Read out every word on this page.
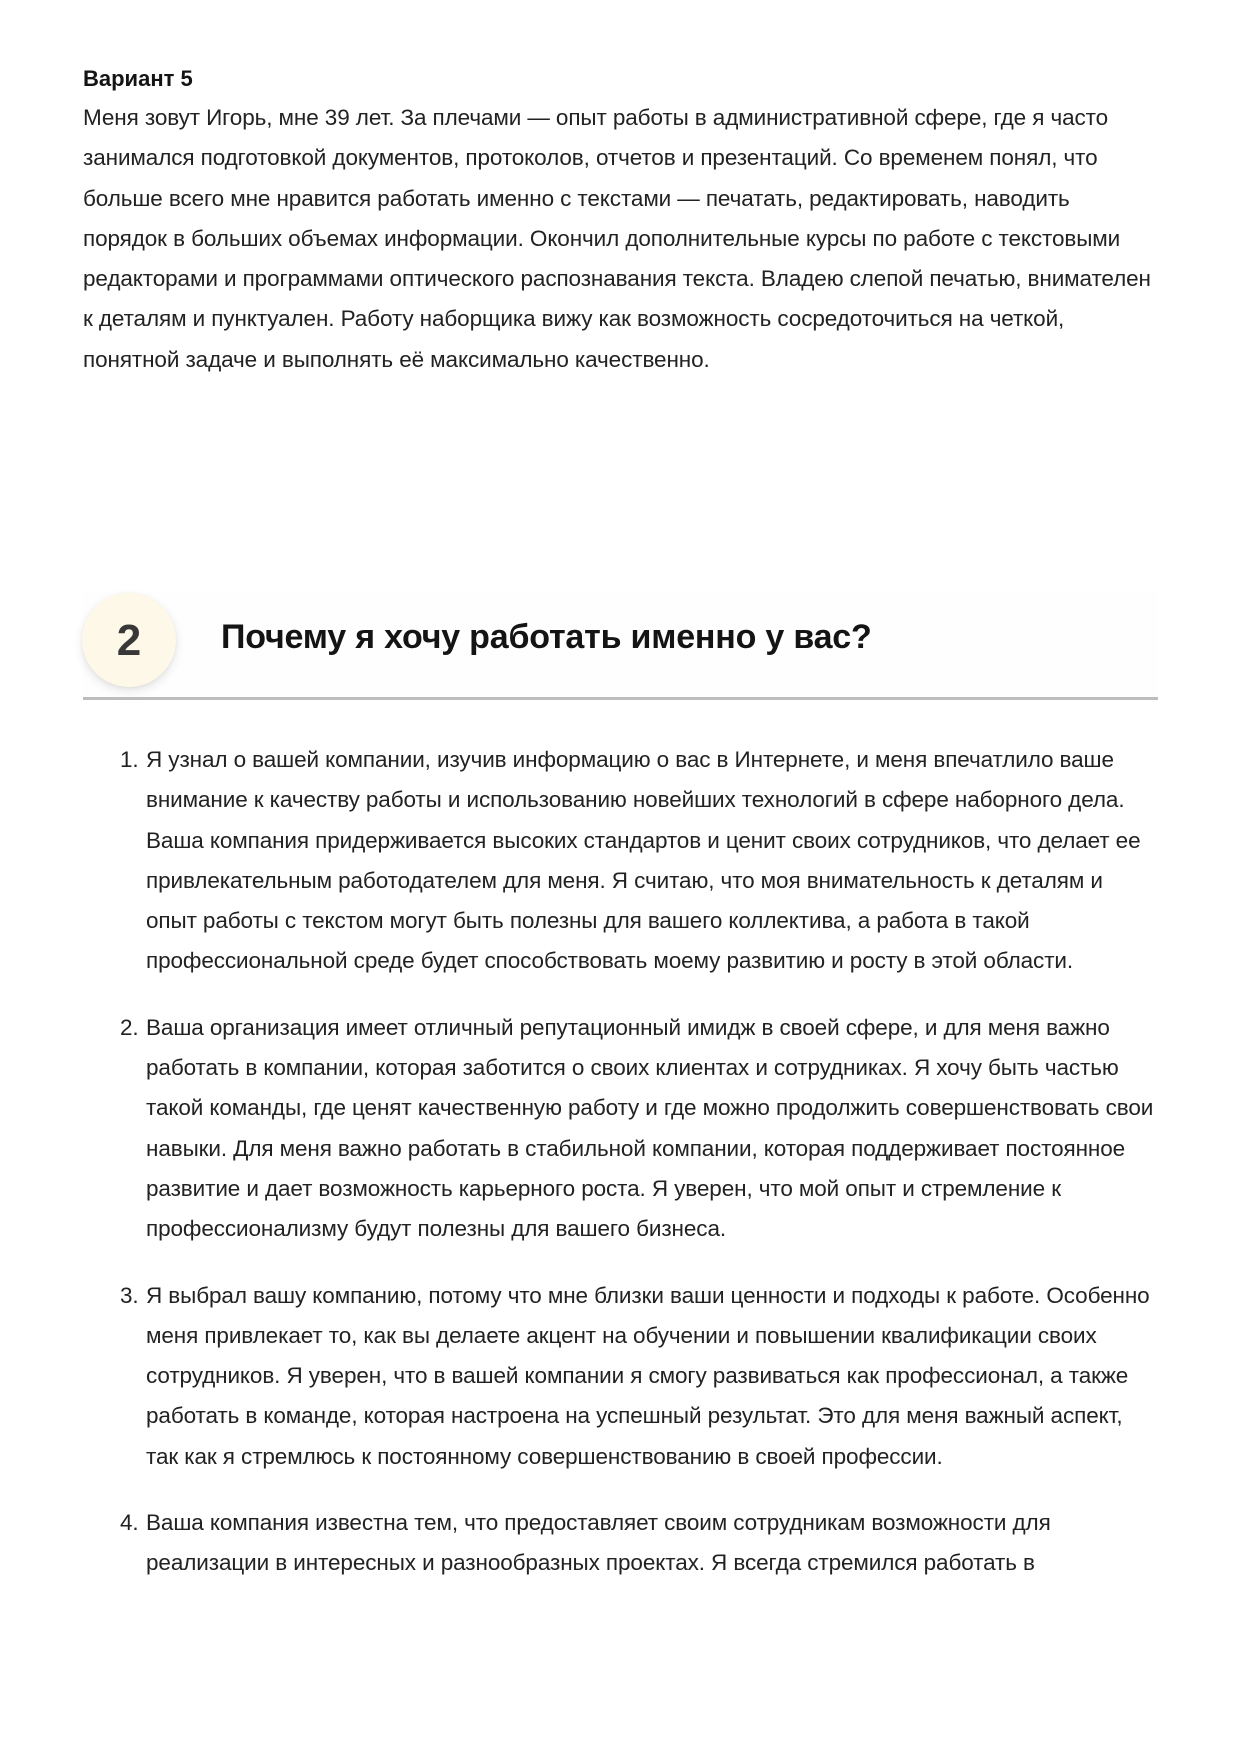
Вариант 5

Меня зовут Игорь, мне 39 лет. За плечами — опыт работы в административной сфере, где я часто занимался подготовкой документов, протоколов, отчетов и презентаций. Со временем понял, что больше всего мне нравится работать именно с текстами — печатать, редактировать, наводить порядок в больших объемах информации. Окончил дополнительные курсы по работе с текстовыми редакторами и программами оптического распознавания текста. Владею слепой печатью, внимателен к деталям и пунктуален. Работу наборщика вижу как возможность сосредоточиться на четкой, понятной задаче и выполнять её максимально качественно.

2 Почему я хочу работать именно у вас?
1. Я узнал о вашей компании, изучив информацию о вас в Интернете, и меня впечатлило ваше внимание к качеству работы и использованию новейших технологий в сфере наборного дела. Ваша компания придерживается высоких стандартов и ценит своих сотрудников, что делает ее привлекательным работодателем для меня. Я считаю, что моя внимательность к деталям и опыт работы с текстом могут быть полезны для вашего коллектива, а работа в такой профессиональной среде будет способствовать моему развитию и росту в этой области.
2. Ваша организация имеет отличный репутационный имидж в своей сфере, и для меня важно работать в компании, которая заботится о своих клиентах и сотрудниках. Я хочу быть частью такой команды, где ценят качественную работу и где можно продолжить совершенствовать свои навыки. Для меня важно работать в стабильной компании, которая поддерживает постоянное развитие и дает возможность карьерного роста. Я уверен, что мой опыт и стремление к профессионализму будут полезны для вашего бизнеса.
3. Я выбрал вашу компанию, потому что мне близки ваши ценности и подходы к работе. Особенно меня привлекает то, как вы делаете акцент на обучении и повышении квалификации своих сотрудников. Я уверен, что в вашей компании я смогу развиваться как профессионал, а также работать в команде, которая настроена на успешный результат. Это для меня важный аспект, так как я стремлюсь к постоянному совершенствованию в своей профессии.
4. Ваша компания известна тем, что предоставляет своим сотрудникам возможности для реализации в интересных и разнообразных проектах. Я всегда стремился работать в
